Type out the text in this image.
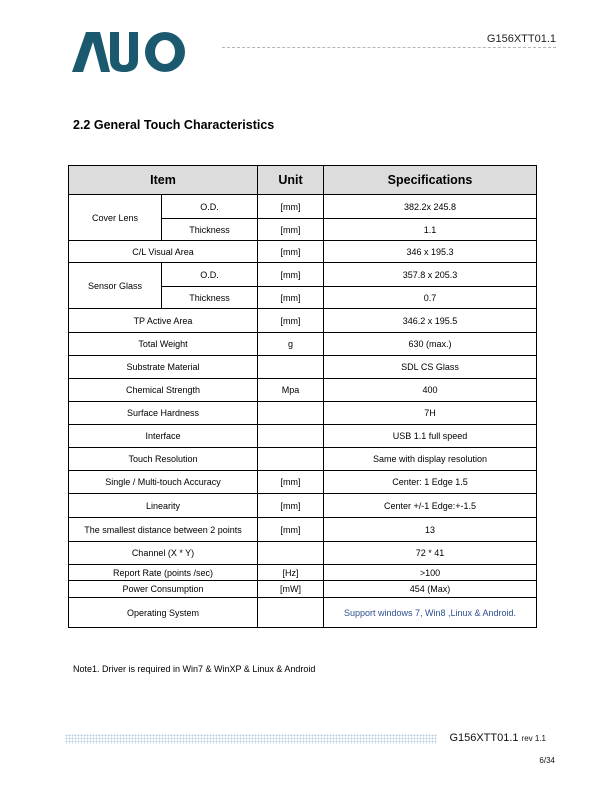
G156XTT01.1
2.2 General Touch Characteristics
Item		Unit	Specifications
Cover Lens	O.D.	[mm]	382.2x 245.8
	Thickness	[mm]	1.1
C/L Visual Area		[mm]	346 x 195.3
Sensor Glass	O.D.	[mm]	357.8 x 205.3
	Thickness	[mm]	0.7
TP Active Area		[mm]	346.2 x 195.5
Total Weight		g	630 (max.)
Substrate Material			SDL CS Glass
Chemical Strength		Mpa	400
Surface Hardness			7H
Interface			USB 1.1 full speed
Touch Resolution			Same with display resolution
Single / Multi-touch Accuracy		[mm]	Center: 1 Edge 1.5
Linearity		[mm]	Center +/-1 Edge:+-1.5
The smallest distance between 2 points		[mm]	13
Channel (X * Y)			72 * 41
Report Rate (points /sec)		[Hz]	>100
Power Consumption		[mW]	454 (Max)
Operating System			Support windows 7, Win8 ,Linux & Android.
Note1. Driver is required in Win7 & WinXP & Linux & Android
G156XTT01.1 rev 1.1
6/34
